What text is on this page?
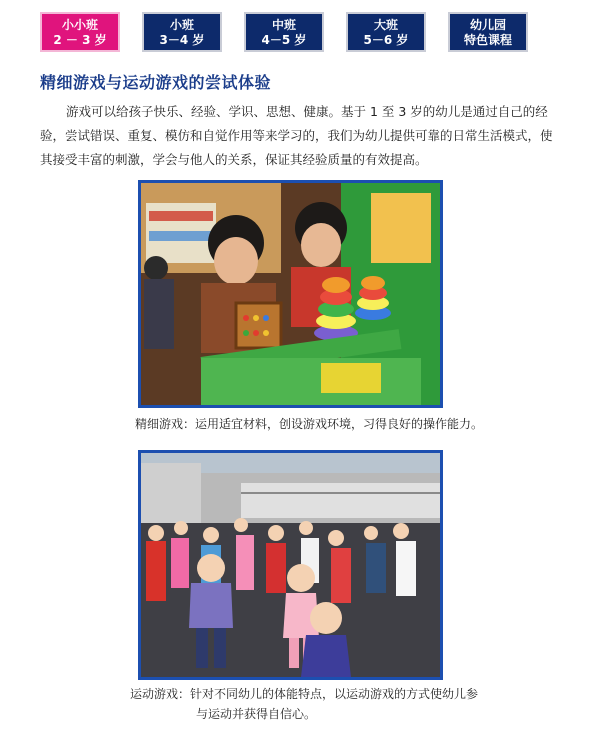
小小班
2 － 3 岁
小班
3－4 岁
中班
4－5 岁
大班
5－6 岁
幼儿园
特色课程
精细游戏与运动游戏的尝试体验

游戏可以给孩子快乐、经验、学识、思想、健康。基于 1 至 3 岁的幼儿是通过自己的经验，尝试错误、重复、模仿和自觉作用等来学习的，我们为幼儿提供可靠的日常生活模式，使其接受丰富的刺激，学会与他人的关系，保证其经验质量的有效提高。

精细游戏：运用适宜材料，创设游戏环境，习得良好的操作能力。
运动游戏：针对不同幼儿的体能特点，以运动游戏的方式使幼儿参
与运动并获得自信心。
